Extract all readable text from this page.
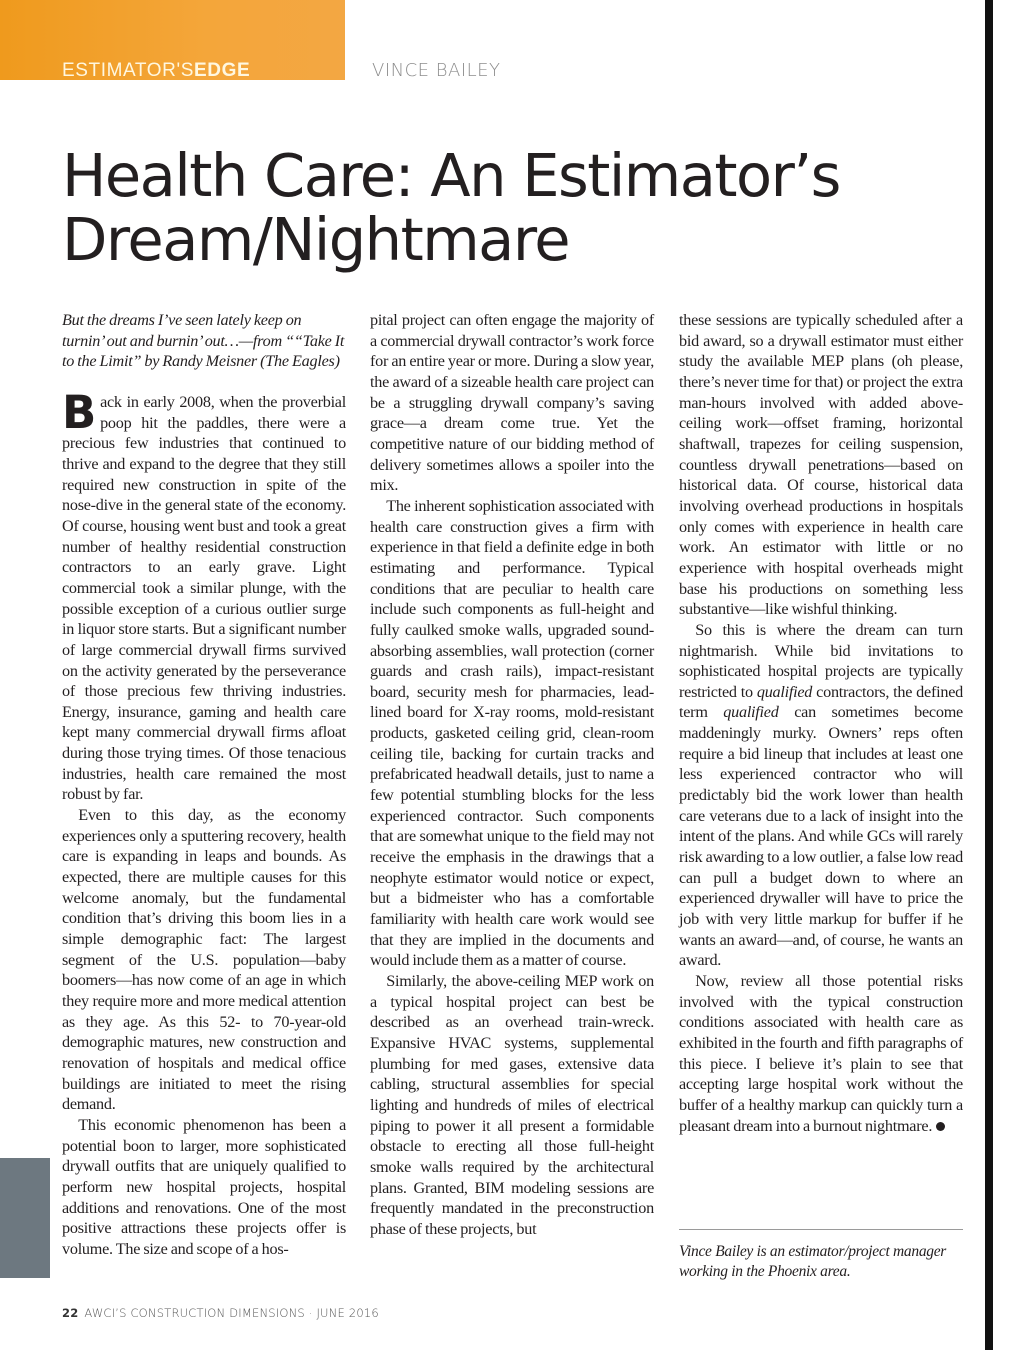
ESTIMATOR'SEDGE	VINCE BAILEY
Health Care: An Estimator’s Dream/Nightmare

But the dreams I’ve seen lately keep on turnin’ out and burnin’ out…—from ““Take It to the Limit” by Randy Meisner (The Eagles)

Back in early 2008, when the proverbial poop hit the paddles, there were a precious few industries that continued to thrive and expand to the degree that they still required new construction in spite of the nose-dive in the general state of the economy. Of course, housing went bust and took a great number of healthy residential construction contractors to an early grave. Light commercial took a similar plunge, with the possible exception of a curious outlier surge in liquor store starts. But a significant number of large commercial drywall firms survived on the activity generated by the perseverance of those precious few thriving industries. Energy, insurance, gaming and health care kept many commercial drywall firms afloat during those trying times. Of those tenacious industries, health care remained the most robust by far.

Even to this day, as the economy experiences only a sputtering recovery, health care is expanding in leaps and bounds. As expected, there are multiple causes for this welcome anomaly, but the fundamental condition that’s driving this boom lies in a simple demographic fact: The largest segment of the U.S. population—baby boomers—has now come of an age in which they require more and more medical attention as they age. As this 52- to 70-year-old demographic matures, new construction and renovation of hospitals and medical office buildings are initiated to meet the rising demand.

This economic phenomenon has been a potential boon to larger, more sophisticated drywall outfits that are uniquely qualified to perform new hospital projects, hospital additions and renovations. One of the most positive attractions these projects offer is volume. The size and scope of a hos-

pital project can often engage the majority of a commercial drywall contractor’s work force for an entire year or more. During a slow year, the award of a sizeable health care project can be a struggling drywall company’s saving grace—a dream come true. Yet the competitive nature of our bidding method of delivery sometimes allows a spoiler into the mix.

The inherent sophistication associated with health care construction gives a firm with experience in that field a definite edge in both estimating and performance. Typical conditions that are peculiar to health care include such components as full-height and fully caulked smoke walls, upgraded sound-absorbing assemblies, wall protection (corner guards and crash rails), impact-resistant board, security mesh for pharmacies, lead-lined board for X-ray rooms, mold-resistant products, gasketed ceiling grid, clean-room ceiling tile, backing for curtain tracks and prefabricated headwall details, just to name a few potential stumbling blocks for the less experienced contractor. Such components that are somewhat unique to the field may not receive the emphasis in the drawings that a neophyte estimator would notice or expect, but a bidmeister who has a comfortable familiarity with health care work would see that they are implied in the documents and would include them as a matter of course.

Similarly, the above-ceiling MEP work on a typical hospital project can best be described as an overhead train-wreck. Expansive HVAC systems, supplemental plumbing for med gases, extensive data cabling, structural assemblies for special lighting and hundreds of miles of electrical piping to power it all present a formidable obstacle to erecting all those full-height smoke walls required by the architectural plans. Granted, BIM modeling sessions are frequently mandated in the preconstruction phase of these projects, but

these sessions are typically scheduled after a bid award, so a drywall estimator must either study the available MEP plans (oh please, there’s never time for that) or project the extra man-hours involved with added above-ceiling work—offset framing, horizontal shaftwall, trapezes for ceiling suspension, countless drywall penetrations—based on historical data. Of course, historical data involving overhead productions in hospitals only comes with experience in health care work. An estimator with little or no experience with hospital overheads might base his productions on something less substantive—like wishful thinking.

So this is where the dream can turn nightmarish. While bid invitations to sophisticated hospital projects are typically restricted to qualified contractors, the defined term qualified can sometimes become maddeningly murky. Owners’ reps often require a bid lineup that includes at least one less experienced contractor who will predictably bid the work lower than health care veterans due to a lack of insight into the intent of the plans. And while GCs will rarely risk awarding to a low outlier, a false low read can pull a budget down to where an experienced drywaller will have to price the job with very little markup for buffer if he wants an award—and, of course, he wants an award.

Now, review all those potential risks involved with the typical construction conditions associated with health care as exhibited in the fourth and fifth paragraphs of this piece. I believe it’s plain to see that accepting large hospital work without the buffer of a healthy markup can quickly turn a pleasant dream into a burnout nightmare.

Vince Bailey is an estimator/project manager working in the Phoenix area.
22 AWCI’S CONSTRUCTION DIMENSIONS · JUNE 2016
